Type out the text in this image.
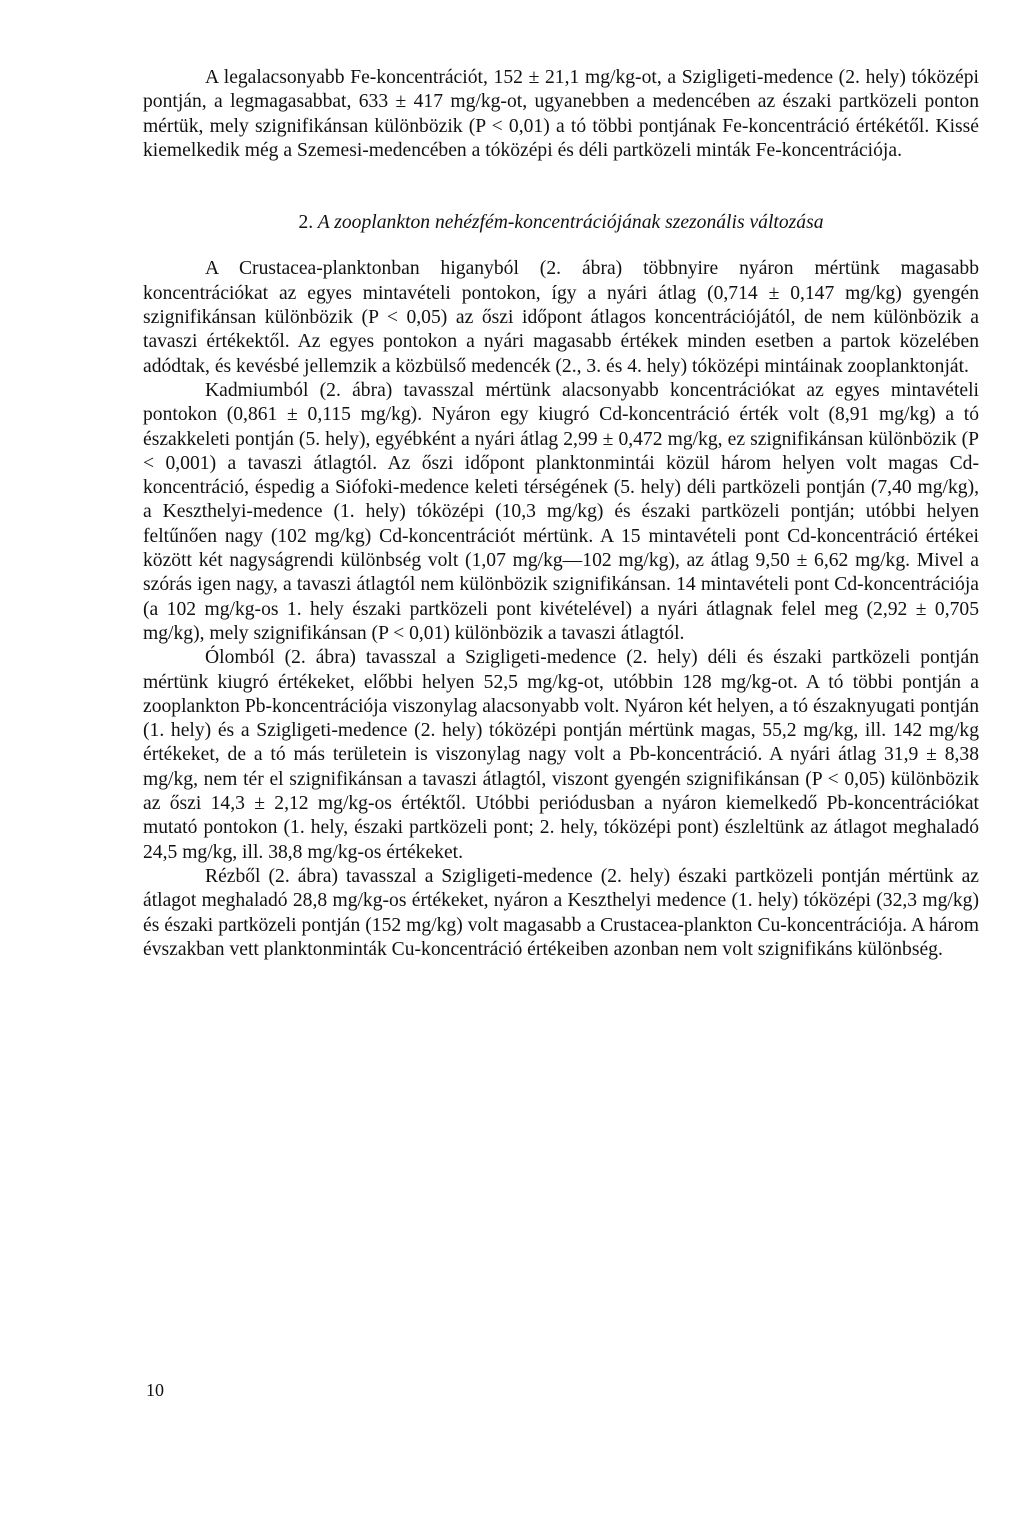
A legalacsonyabb Fe-koncentrációt, 152 ± 21,1 mg/kg-ot, a Szigligeti-medence (2. hely) tóközépi pontján, a legmagasabbat, 633 ± 417 mg/kg-ot, ugyanebben a medencében az északi partközeli ponton mértük, mely szignifikánsan különbözik (P < 0,01) a tó többi pontjának Fe-koncentráció értékétől. Kissé kiemelkedik még a Szemesi-medencében a tóközépi és déli partközeli minták Fe-koncentrációja.

2. A zooplankton nehézfém-koncentrációjának szezonális változása

A Crustacea-planktonban higanyból (2. ábra) többnyire nyáron mértünk magasabb koncentrációkat az egyes mintavételi pontokon, így a nyári átlag (0,714 ± 0,147 mg/kg) gyengén szignifikánsan különbözik (P < 0,05) az őszi időpont átlagos koncentrációjától, de nem különbözik a tavaszi értékektől. Az egyes pontokon a nyári magasabb értékek minden esetben a partok közelében adódtak, és kevésbé jellemzik a közbülső medencék (2., 3. és 4. hely) tóközépi mintáinak zooplanktonját.

Kadmiumból (2. ábra) tavasszal mértünk alacsonyabb koncentrációkat az egyes mintavételi pontokon (0,861 ± 0,115 mg/kg). Nyáron egy kiugró Cd-koncentráció érték volt (8,91 mg/kg) a tó északkeleti pontján (5. hely), egyébként a nyári átlag 2,99 ± 0,472 mg/kg, ez szignifikánsan különbözik (P < 0,001) a tavaszi átlagtól. Az őszi időpont planktonmintái közül három helyen volt magas Cd-koncentráció, éspedig a Siófoki-medence keleti térségének (5. hely) déli partközeli pontján (7,40 mg/kg), a Keszthelyi-medence (1. hely) tóközépi (10,3 mg/kg) és északi partközeli pontján; utóbbi helyen feltűnően nagy (102 mg/kg) Cd-koncentrációt mértünk. A 15 mintavételi pont Cd-koncentráció értékei között két nagyságrendi különbség volt (1,07 mg/kg—102 mg/kg), az átlag 9,50 ± 6,62 mg/kg. Mivel a szórás igen nagy, a tavaszi átlagtól nem különbözik szignifikánsan. 14 mintavételi pont Cd-koncentrációja (a 102 mg/kg-os 1. hely északi partközeli pont kivételével) a nyári átlagnak felel meg (2,92 ± 0,705 mg/kg), mely szignifikánsan (P < 0,01) különbözik a tavaszi átlagtól.

Ólomból (2. ábra) tavasszal a Szigligeti-medence (2. hely) déli és északi partközeli pontján mértünk kiugró értékeket, előbbi helyen 52,5 mg/kg-ot, utóbbin 128 mg/kg-ot. A tó többi pontján a zooplankton Pb-koncentrációja viszonylag alacsonyabb volt. Nyáron két helyen, a tó északnyugati pontján (1. hely) és a Szigligeti-medence (2. hely) tóközépi pontján mértünk magas, 55,2 mg/kg, ill. 142 mg/kg értékeket, de a tó más területein is viszonylag nagy volt a Pb-koncentráció. A nyári átlag 31,9 ± 8,38 mg/kg, nem tér el szignifikánsan a tavaszi átlagtól, viszont gyengén szignifikánsan (P < 0,05) különbözik az őszi 14,3 ± 2,12 mg/kg-os értéktől. Utóbbi periódusban a nyáron kiemelkedő Pb-koncentrációkat mutató pontokon (1. hely, északi partközeli pont; 2. hely, tóközépi pont) észleltünk az átlagot meghaladó 24,5 mg/kg, ill. 38,8 mg/kg-os értékeket.

Rézből (2. ábra) tavasszal a Szigligeti-medence (2. hely) északi partközeli pontján mértünk az átlagot meghaladó 28,8 mg/kg-os értékeket, nyáron a Keszthelyi medence (1. hely) tóközépi (32,3 mg/kg) és északi partközeli pontján (152 mg/kg) volt magasabb a Crustacea-plankton Cu-koncentrációja. A három évszakban vett planktonminták Cu-koncentráció értékeiben azonban nem volt szignifikáns különbség.

10
